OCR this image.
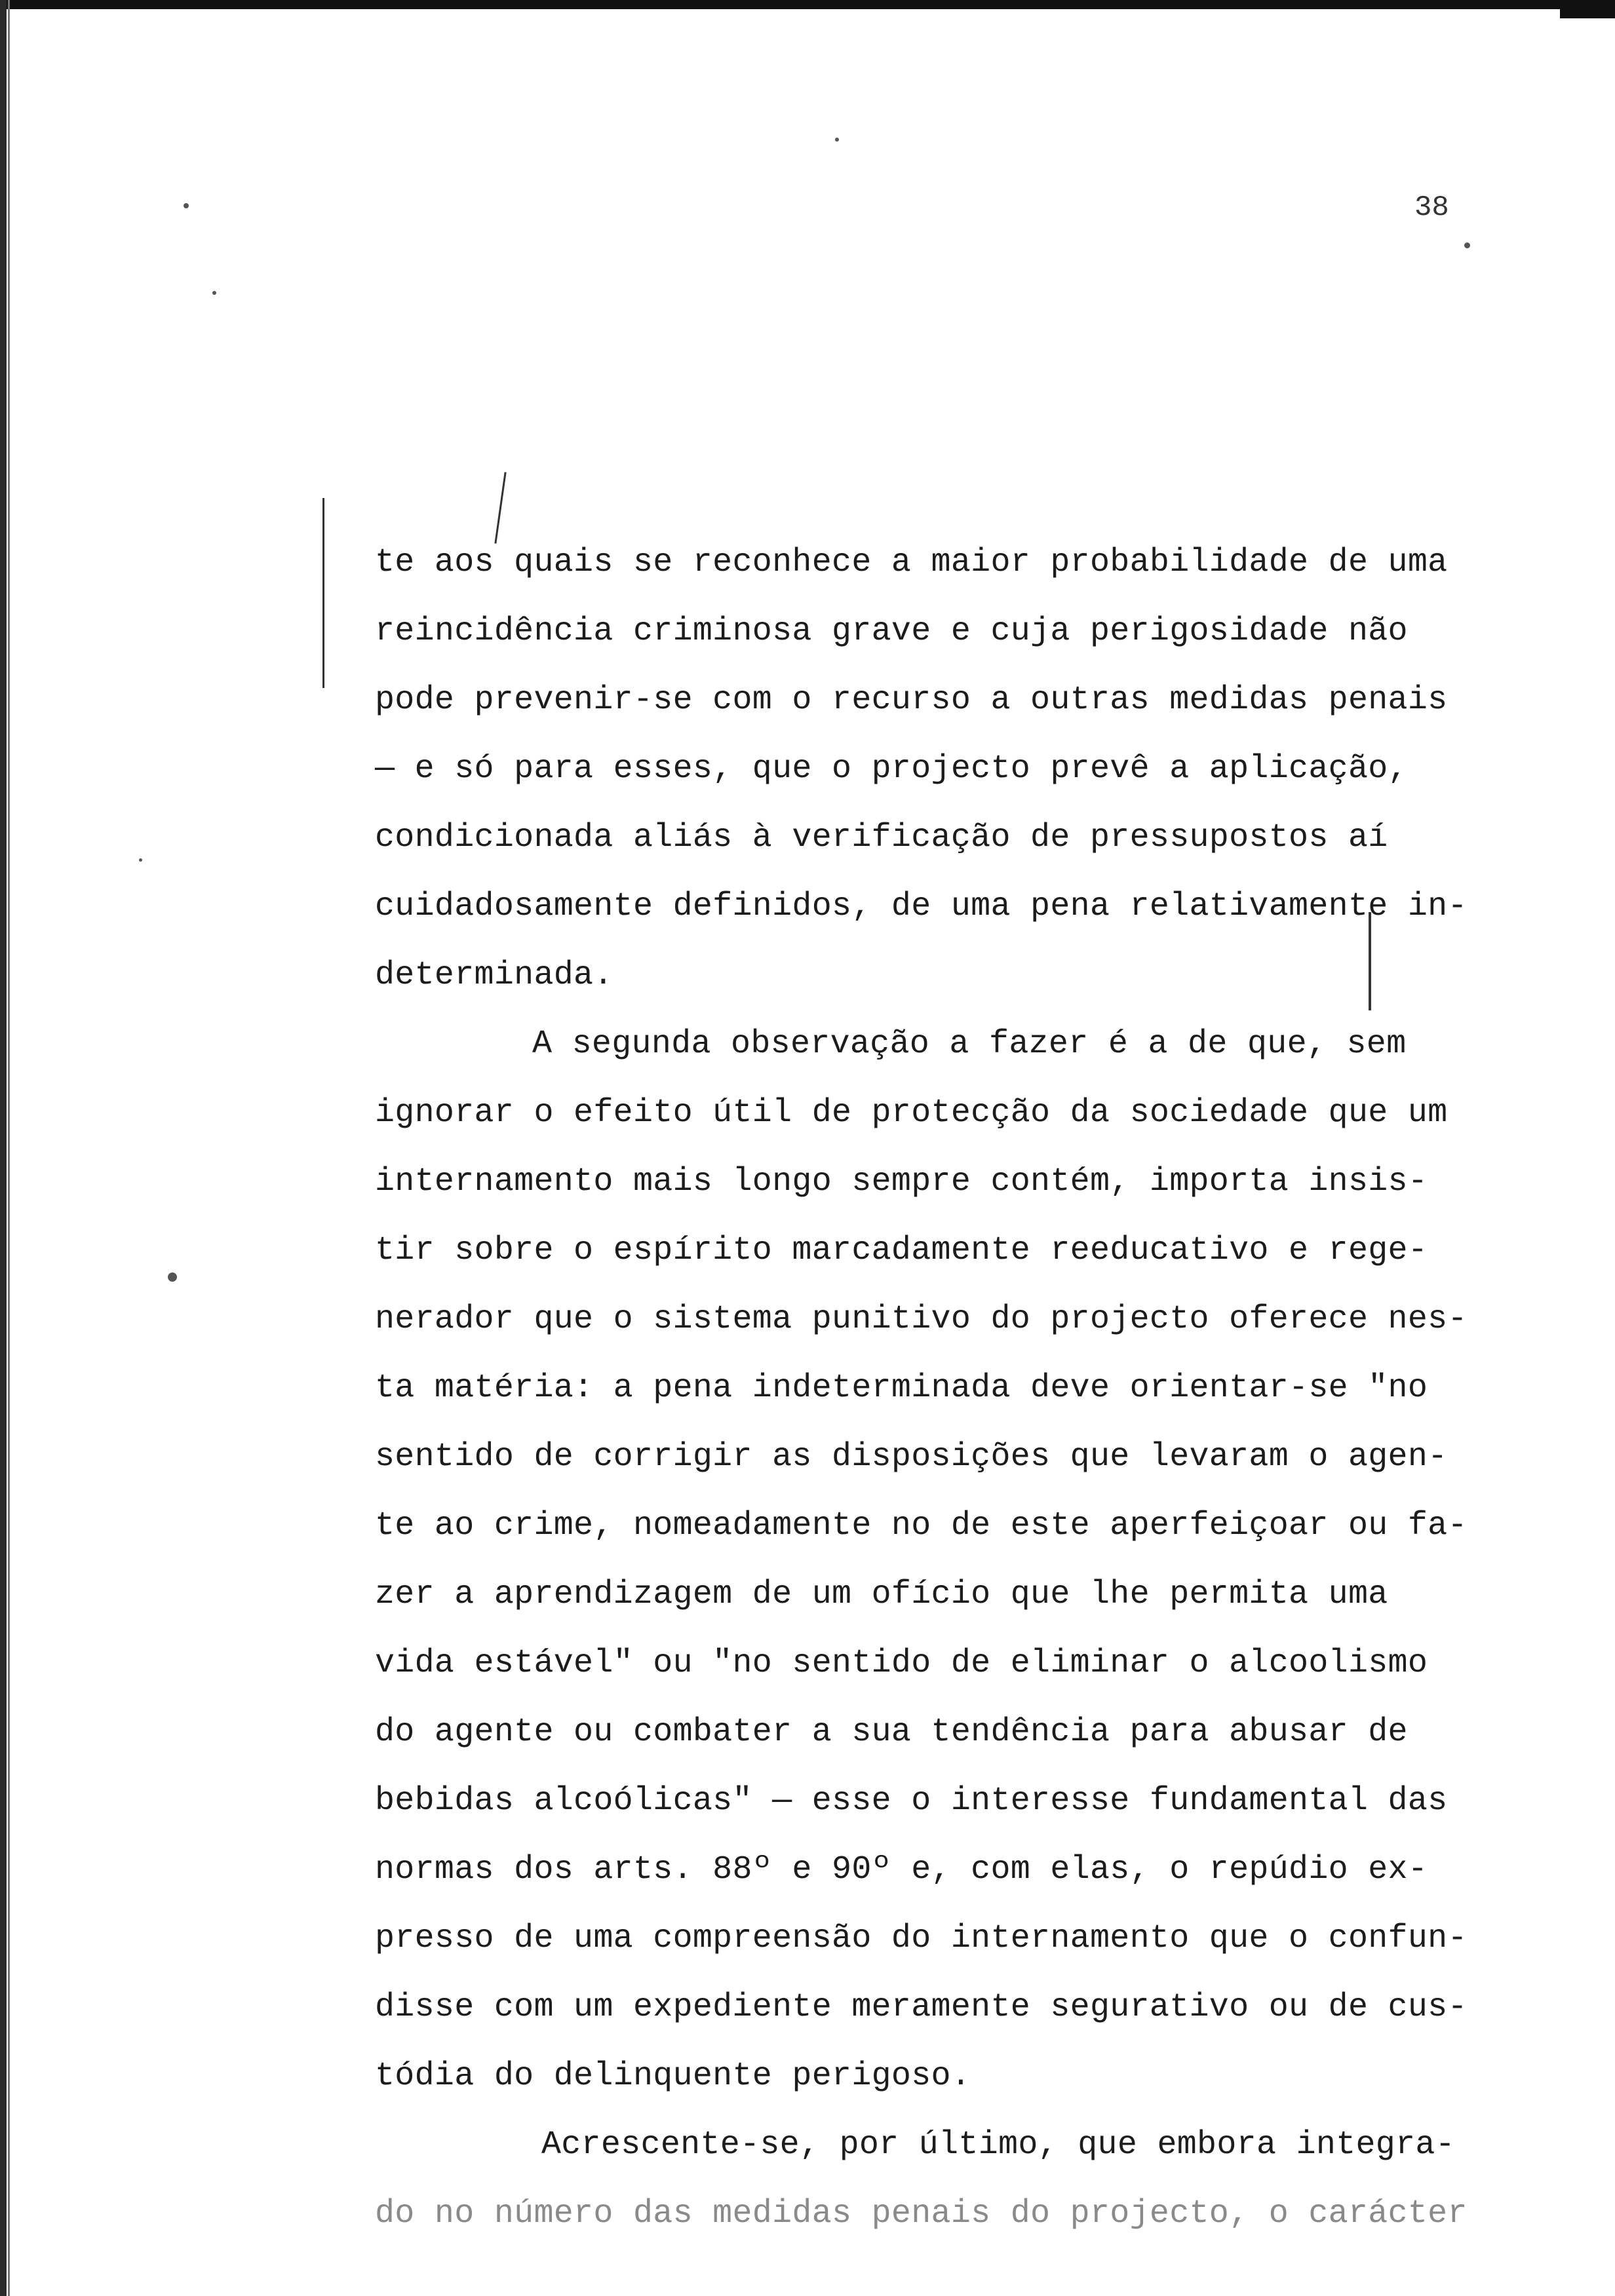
38
te aos quais se reconhece a maior probabilidade de uma
reincidência criminosa grave e cuja perigosidade não
pode prevenir-se com o recurso a outras medidas penais
— e só para esses, que o projecto prevê a aplicação,
condicionada aliás à verificação de pressupostos aí
cuidadosamente definidos, de uma pena relativamente in-
determinada.
A segunda observação a fazer é a de que, sem
ignorar o efeito útil de protecção da sociedade que um
internamento mais longo sempre contém, importa insis-
tir sobre o espírito marcadamente reeducativo e rege-
nerador que o sistema punitivo do projecto oferece nes-
ta matéria: a pena indeterminada deve orientar-se "no
sentido de corrigir as disposições que levaram o agen-
te ao crime, nomeadamente no de este aperfeiçoar ou fa-
zer a aprendizagem de um ofício que lhe permita uma
vida estável" ou "no sentido de eliminar o alcoolismo
do agente ou combater a sua tendência para abusar de
bebidas alcoólicas" — esse o interesse fundamental das
normas dos arts. 88º e 90º e, com elas, o repúdio ex-
presso de uma compreensão do internamento que o confun-
disse com um expediente meramente segurativo ou de cus-
tódia do delinquente perigoso.
Acrescente-se, por último, que embora integra-
do no número das medidas penais do projecto, o carácter
